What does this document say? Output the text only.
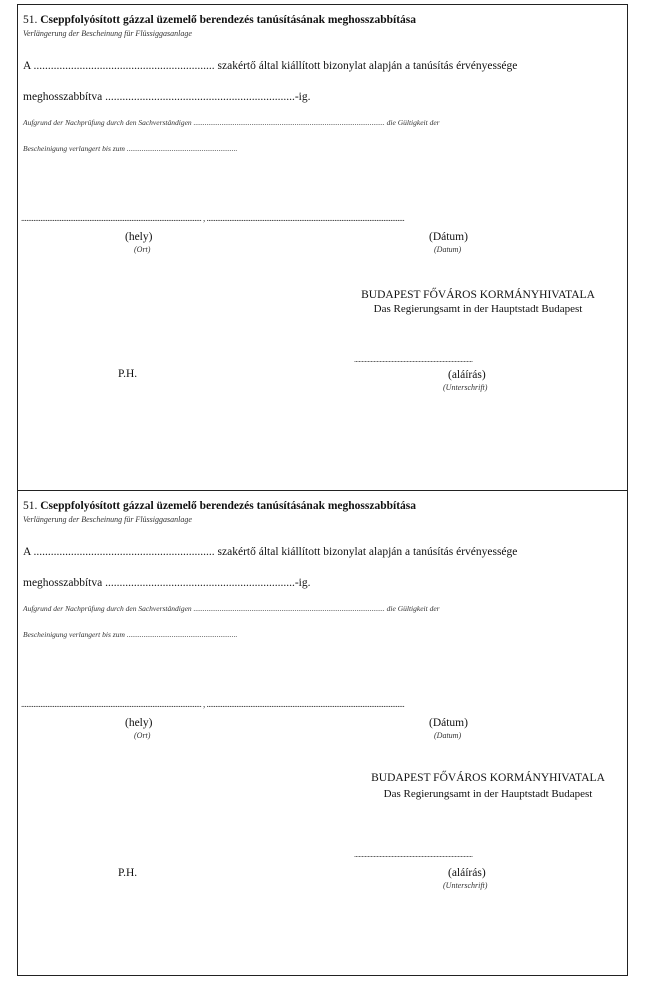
51. Cseppfolyósított gázzal üzemelő berendezés tanúsításának meghosszabbítása
Verlängerung der Bescheinung für Flüssiggasanlage
A ............................................................... szakértő által kiállított bizonylat alapján a tanúsítás érvényessége
meghosszabbítva ..................................................................-ig.
Aufgrund der Nachprüfung durch den Sachverständigen ...................................................................................................... die Gültigkeit der
Bescheinigung verlangert bis zum ...........................................................
....................................................................................................... , .................................................................................................................
(hely)
(Ort)
(Dátum)
(Datum)
BUDAPEST FŐVÁROS KORMÁNYHIVATALA
Das Regierungsamt in der Hauptstadt Budapest
...............................................................................
P.H.	(aláírás)
(Unterschrift)
51. Cseppfolyósított gázzal üzemelő berendezés tanúsításának meghosszabbítása
Verlängerung der Bescheinung für Flüssiggasanlage
A ............................................................... szakértő által kiállított bizonylat alapján a tanúsítás érvényessége
meghosszabbítva ..................................................................-ig.
Aufgrund der Nachprüfung durch den Sachverständigen ...................................................................................................... die Gültigkeit der
Bescheinigung verlangert bis zum ...........................................................
....................................................................................................... , .................................................................................................................
(hely)
(Ort)
(Dátum)
(Datum)
BUDAPEST FŐVÁROS KORMÁNYHIVATALA
Das Regierungsamt in der Hauptstadt Budapest
...............................................................................
P.H.	(aláírás)
(Unterschrift)
